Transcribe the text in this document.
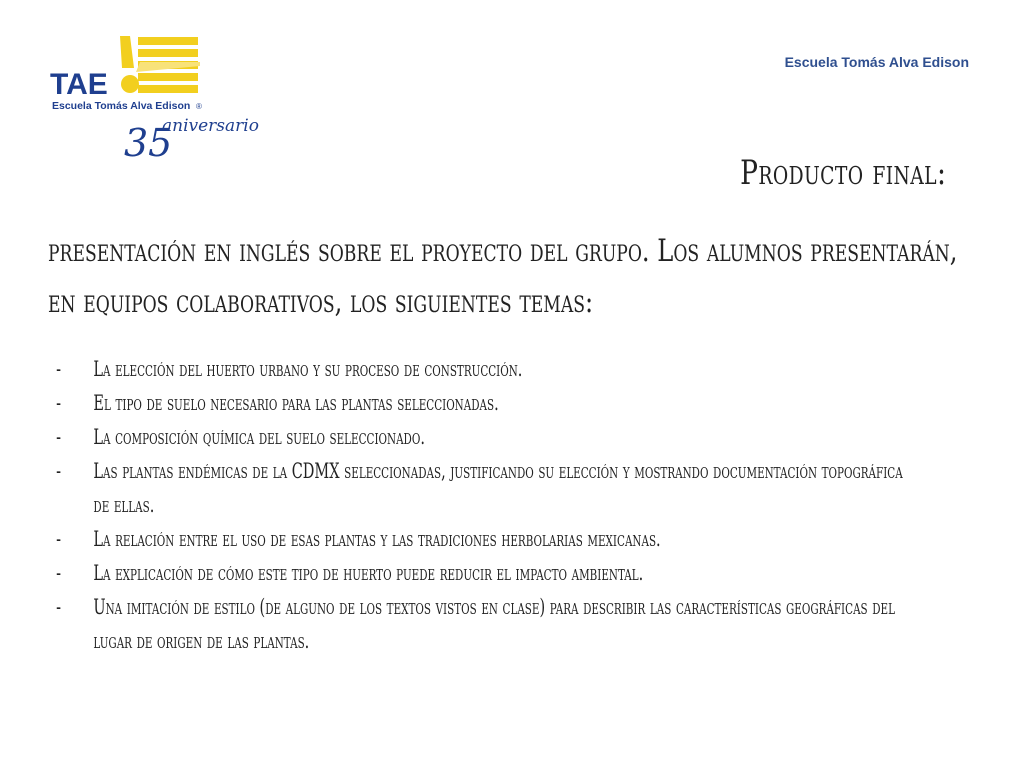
TAE
Escuela Tomás Alva Edison ®
35
aniversario
Escuela Tomás Alva Edison
Producto final:

presentación en inglés sobre el proyecto del grupo. Los alumnos presentarán, en equipos colaborativos, los siguientes temas:

- La elección del huerto urbano y su proceso de construcción.
- El tipo de suelo necesario para las plantas seleccionadas.
- La composición química del suelo seleccionado.
- Las plantas endémicas de la CDMX seleccionadas, justificando su elección y mostrando documentación topográfica de ellas.
- La relación entre el uso de esas plantas y las tradiciones herbolarias mexicanas.
- La explicación de cómo este tipo de huerto puede reducir el impacto ambiental.
- Una imitación de estilo (de alguno de los textos vistos en clase) para describir las características geográficas del lugar de origen de las plantas.
